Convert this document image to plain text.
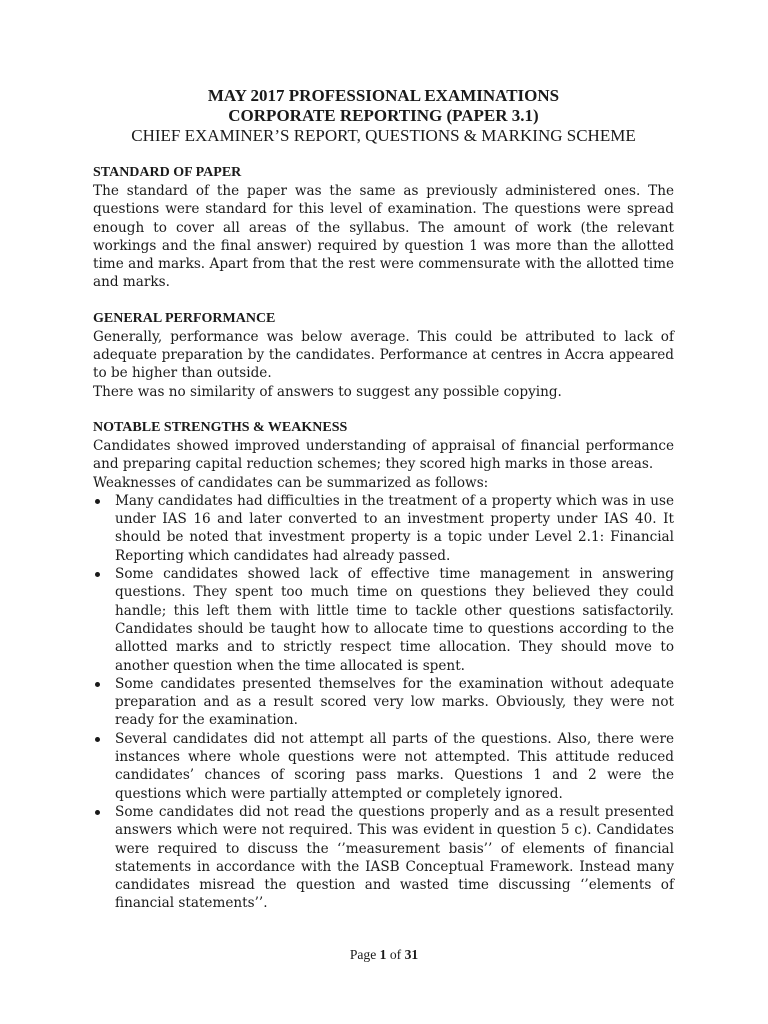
MAY 2017 PROFESSIONAL EXAMINATIONS
CORPORATE REPORTING (PAPER 3.1)
CHIEF EXAMINER’S REPORT, QUESTIONS & MARKING SCHEME

STANDARD OF PAPER

The standard of the paper was the same as previously administered ones. The questions were standard for this level of examination. The questions were spread enough to cover all areas of the syllabus. The amount of work (the relevant workings and the final answer) required by question 1 was more than the allotted time and marks. Apart from that the rest were commensurate with the allotted time and marks.

GENERAL PERFORMANCE

Generally, performance was below average. This could be attributed to lack of adequate preparation by the candidates. Performance at centres in Accra appeared to be higher than outside.

There was no similarity of answers to suggest any possible copying.

NOTABLE STRENGTHS & WEAKNESS

Candidates showed improved understanding of appraisal of financial performance and preparing capital reduction schemes; they scored high marks in those areas.

Weaknesses of candidates can be summarized as follows:

Many candidates had difficulties in the treatment of a property which was in use under IAS 16 and later converted to an investment property under IAS 40. It should be noted that investment property is a topic under Level 2.1: Financial Reporting which candidates had already passed.
Some candidates showed lack of effective time management in answering questions. They spent too much time on questions they believed they could handle; this left them with little time to tackle other questions satisfactorily. Candidates should be taught how to allocate time to questions according to the allotted marks and to strictly respect time allocation. They should move to another question when the time allocated is spent.
Some candidates presented themselves for the examination without adequate preparation and as a result scored very low marks. Obviously, they were not ready for the examination.
Several candidates did not attempt all parts of the questions. Also, there were instances where whole questions were not attempted. This attitude reduced candidates’ chances of scoring pass marks. Questions 1 and 2 were the questions which were partially attempted or completely ignored.
Some candidates did not read the questions properly and as a result presented answers which were not required. This was evident in question 5 c). Candidates were required to discuss the ‘’measurement basis’’ of elements of financial statements in accordance with the IASB Conceptual Framework. Instead many candidates misread the question and wasted time discussing ‘’elements of financial statements’’.
Page 1 of 31
